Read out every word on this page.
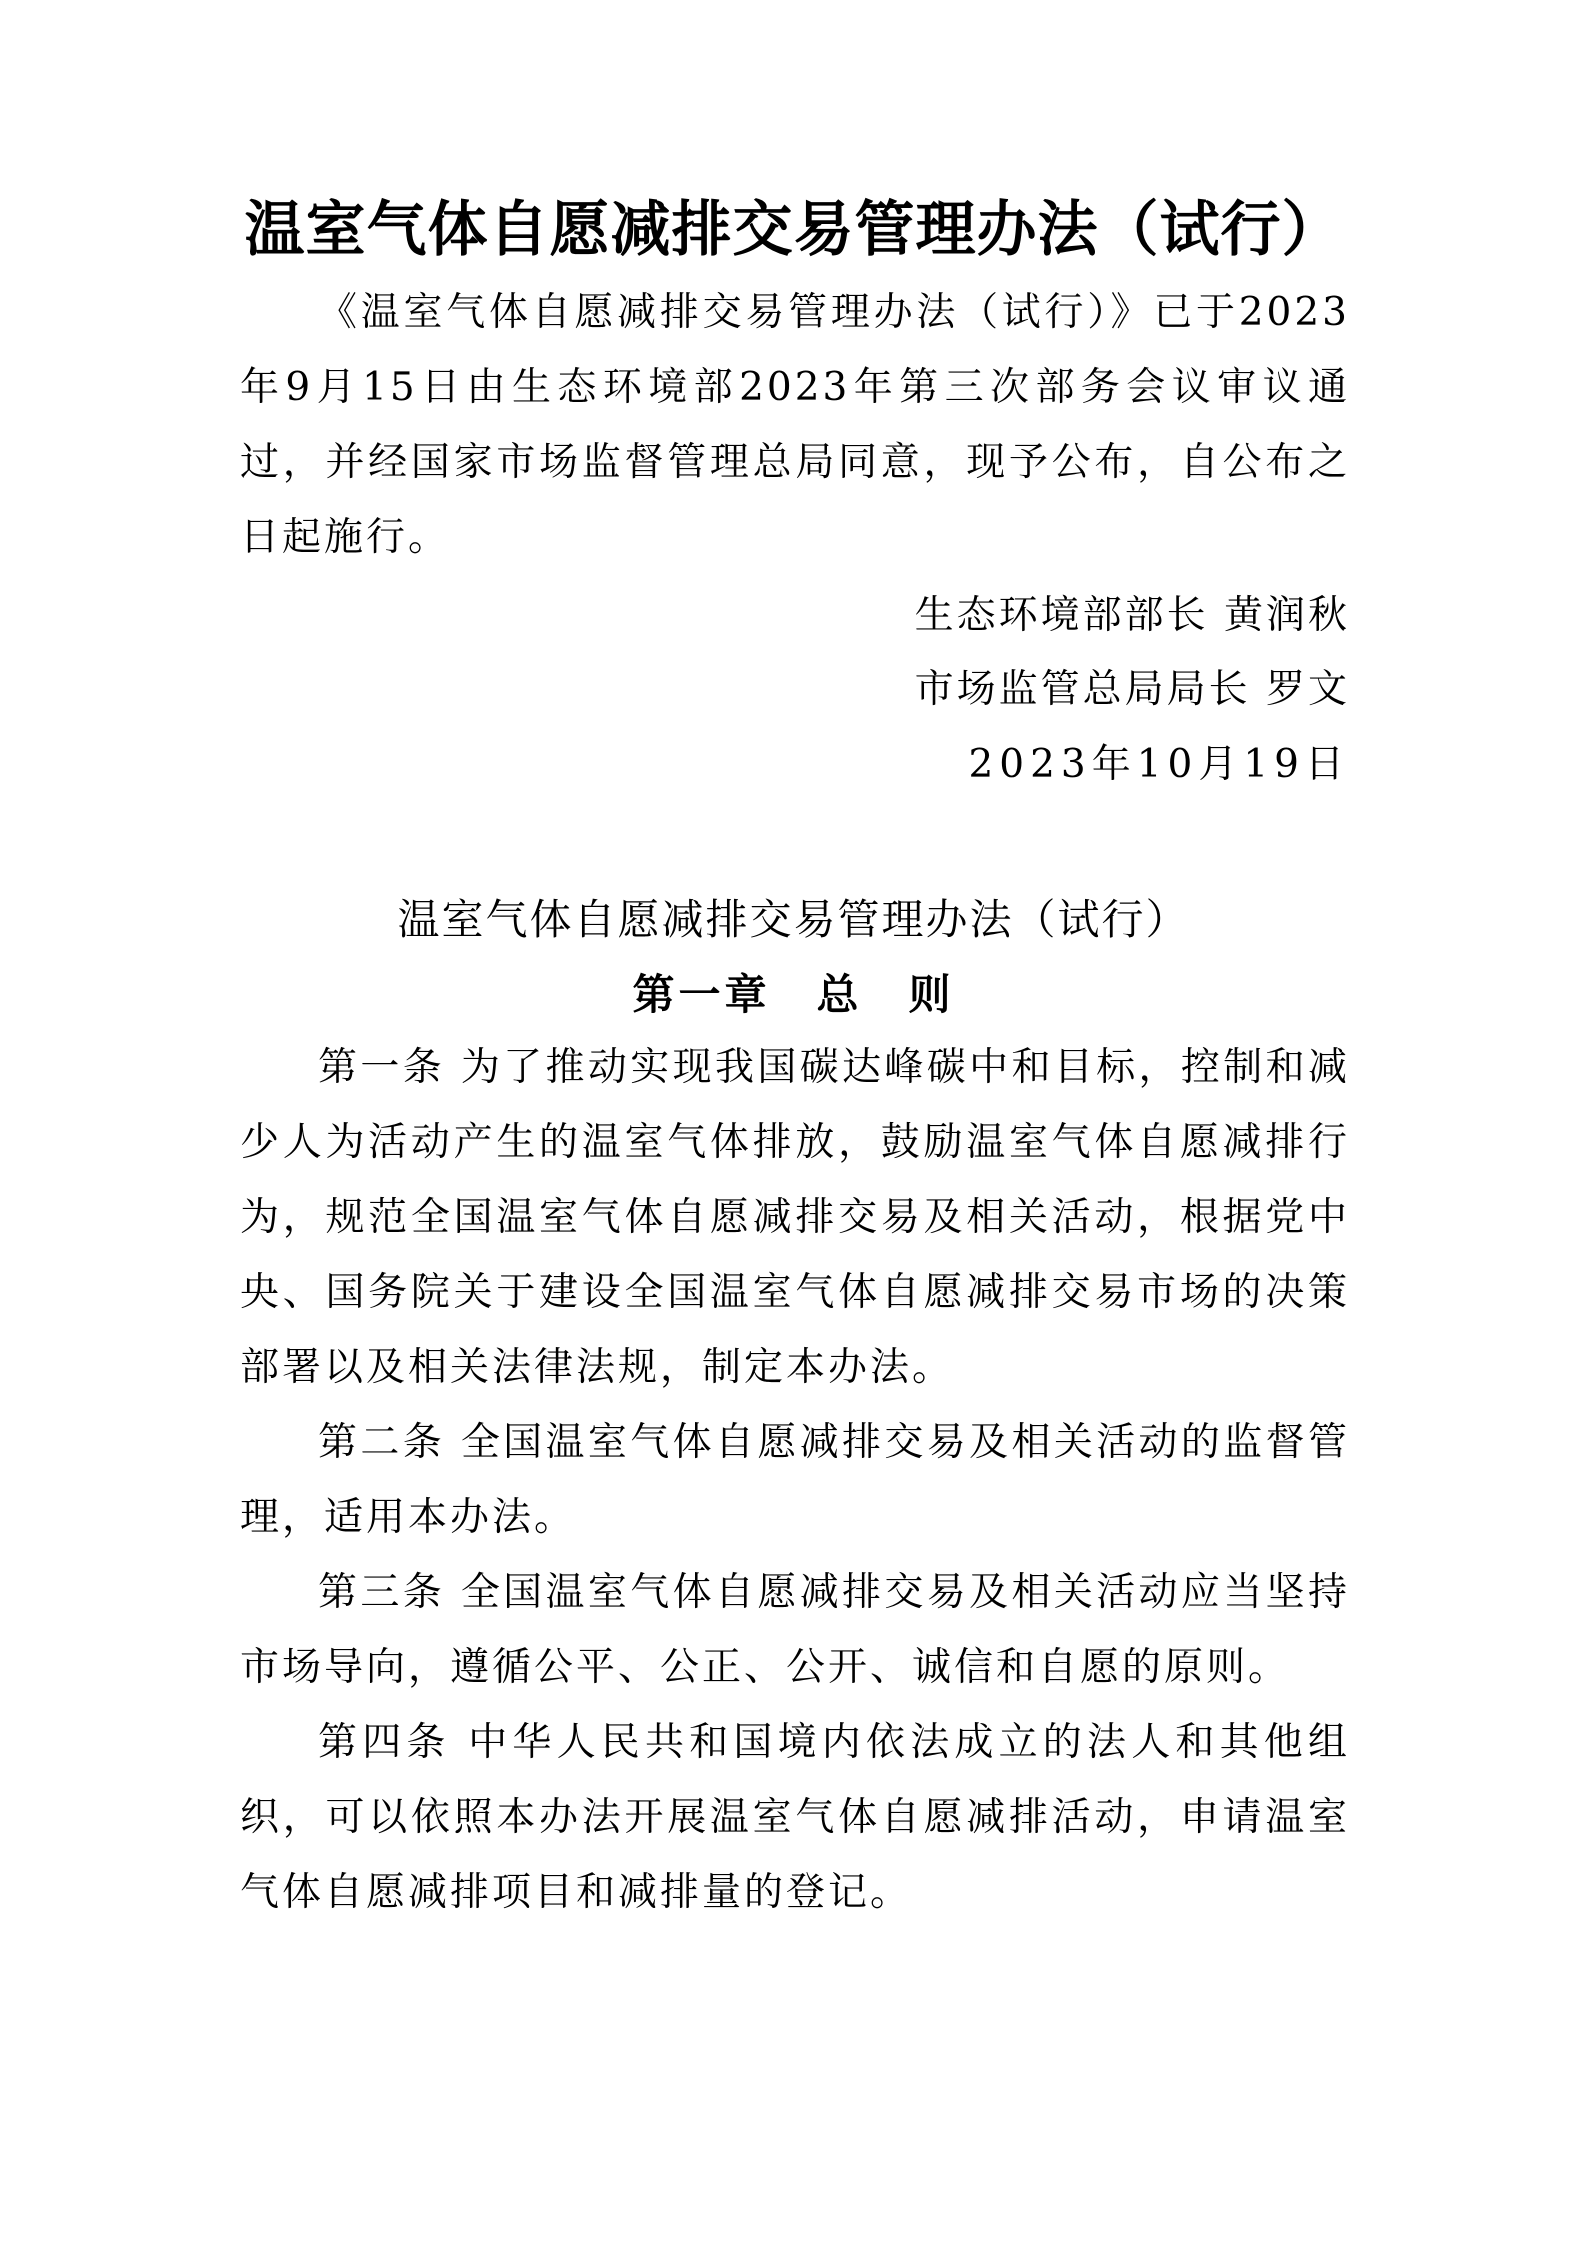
温室气体自愿减排交易管理办法（试行）

《温室气体自愿减排交易管理办法（试行）》已于2023年9月15日由生态环境部2023年第三次部务会议审议通过，并经国家市场监督管理总局同意，现予公布，自公布之日起施行。

生态环境部部长 黄润秋
市场监管总局局长 罗文
2023年10月19日
温室气体自愿减排交易管理办法（试行）
第一章　总　则

第一条 为了推动实现我国碳达峰碳中和目标，控制和减少人为活动产生的温室气体排放，鼓励温室气体自愿减排行为，规范全国温室气体自愿减排交易及相关活动，根据党中央、国务院关于建设全国温室气体自愿减排交易市场的决策部署以及相关法律法规，制定本办法。

第二条 全国温室气体自愿减排交易及相关活动的监督管理，适用本办法。

第三条 全国温室气体自愿减排交易及相关活动应当坚持市场导向，遵循公平、公正、公开、诚信和自愿的原则。

第四条 中华人民共和国境内依法成立的法人和其他组织，可以依照本办法开展温室气体自愿减排活动，申请温室气体自愿减排项目和减排量的登记。
